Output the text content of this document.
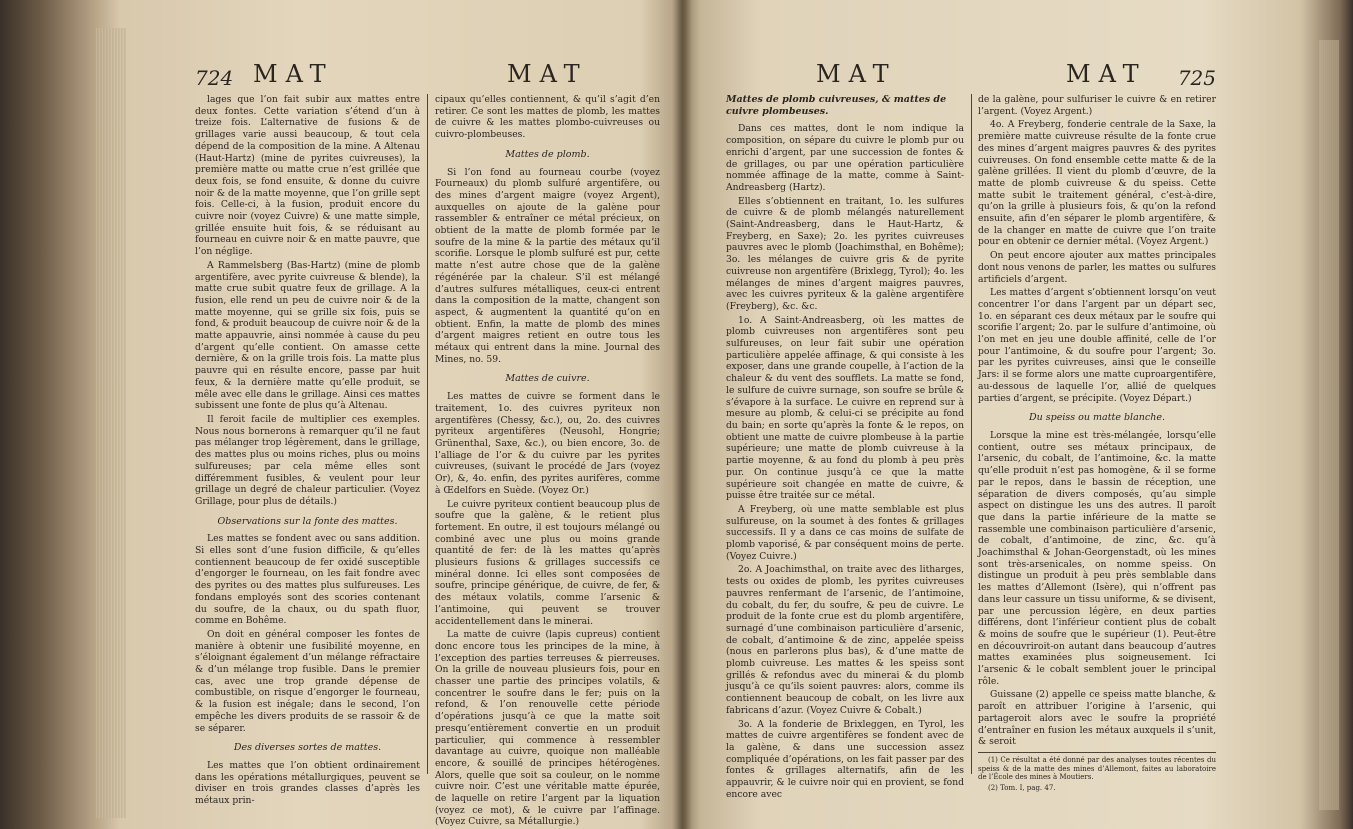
724 MAT	MAT

lages que l’on fait subir aux mattes entre deux fontes. Cette variation s’étend d’un à treize fois. L’alternative de fusions & de grillages varie aussi beaucoup, & tout cela dépend de la composition de la mine. A Altenau (Haut-Hartz) (mine de pyrites cuivreuses), la première matte ou matte crue n’est grillée que deux fois, se fond ensuite, & donne du cuivre noir & de la matte moyenne, que l’on grille sept fois. Celle-ci, à la fusion, produit encore du cuivre noir (voyez Cuivre) & une matte simple, grillée ensuite huit fois, & se réduisant au fourneau en cuivre noir & en matte pauvre, que l’on néglige.

A Rammelsberg (Bas-Hartz) (mine de plomb argentifère, avec pyrite cuivreuse & blende), la matte crue subit quatre feux de grillage. A la fusion, elle rend un peu de cuivre noir & de la matte moyenne, qui se grille six fois, puis se fond, & produit beaucoup de cuivre noir & de la matte appauvrie, ainsi nommée à cause du peu d’argent qu’elle contient. On amasse cette dernière, & on la grille trois fois. La matte plus pauvre qui en résulte encore, passe par huit feux, & la dernière matte qu’elle produit, se mêle avec elle dans le grillage. Ainsi ces mattes subissent une fonte de plus qu’à Altenau.

Il feroit facile de multiplier ces exemples. Nous nous bornerons à remarquer qu’il ne faut pas mélanger trop légèrement, dans le grillage, des mattes plus ou moins riches, plus ou moins sulfureuses; par cela même elles sont différemment fusibles, & veulent pour leur grillage un degré de chaleur particulier. (Voyez Grillage, pour plus de détails.)

Observations sur la fonte des mattes.

Les mattes se fondent avec ou sans addition. Si elles sont d’une fusion difficile, & qu’elles contiennent beaucoup de fer oxidé susceptible d’engorger le fourneau, on les fait fondre avec des pyrites ou des mattes plus sulfureuses. Les fondans employés sont des scories contenant du soufre, de la chaux, ou du spath fluor, comme en Bohême.

On doit en général composer les fontes de manière à obtenir une fusibilité moyenne, en s’éloignant également d’un mélange réfractaire & d’un mélange trop fusible. Dans le premier cas, avec une trop grande dépense de combustible, on risque d’engorger le fourneau, & la fusion est inégale; dans le second, l’on empêche les divers produits de se rassoir & de se séparer.

Des diverses sortes de mattes.

Les mattes que l’on obtient ordinairement dans les opérations métallurgiques, peuvent se diviser en trois grandes classes d’après les métaux prin-

cipaux qu’elles contiennent, & qu’il s’agit d’en retirer. Ce sont les mattes de plomb, les mattes de cuivre & les mattes plombo-cuivreuses ou cuivro-plombeuses.

Mattes de plomb.

Si l’on fond au fourneau courbe (voyez Fourneaux) du plomb sulfuré argentifère, ou des mines d’argent maigre (voyez Argent), auxquelles on ajoute de la galène pour rassembler & entraîner ce métal précieux, on obtient de la matte de plomb formée par le soufre de la mine & la partie des métaux qu’il scorifie. Lorsque le plomb sulfuré est pur, cette matte n’est autre chose que de la galène régénérée par la chaleur. S’il est mélangé d’autres sulfures métalliques, ceux-ci entrent dans la composition de la matte, changent son aspect, & augmentent la quantité qu’on en obtient. Enfin, la matte de plomb des mines d’argent maigres retient en outre tous les métaux qui entrent dans la mine. Journal des Mines, no. 59.

Mattes de cuivre.

Les mattes de cuivre se forment dans le traitement, 1o. des cuivres pyriteux non argentifères (Chessy, &c.), ou, 2o. des cuivres pyriteux argentifères (Neusohl, Hongrie; Grünenthal, Saxe, &c.), ou bien encore, 3o. de l’alliage de l’or & du cuivre par les pyrites cuivreuses, (suivant le procédé de Jars (voyez Or), &, 4o. enfin, des pyrites aurifères, comme à Œdelfors en Suède. (Voyez Or.)

Le cuivre pyriteux contient beaucoup plus de soufre que la galène, & le retient plus fortement. En outre, il est toujours mélangé ou combiné avec une plus ou moins grande quantité de fer: de là les mattes qu’après plusieurs fusions & grillages successifs ce minéral donne. Ici elles sont composées de soufre, principe générique, de cuivre, de fer, & des métaux volatils, comme l’arsenic & l’antimoine, qui peuvent se trouver accidentellement dans le minerai.

La matte de cuivre (lapis cupreus) contient donc encore tous les principes de la mine, à l’exception des parties terreuses & pierreuses. On la grille de nouveau plusieurs fois, pour en chasser une partie des principes volatils, & concentrer le soufre dans le fer; puis on la refond, & l’on renouvelle cette période d’opérations jusqu’à ce que la matte soit presqu’entièrement convertie en un produit particulier, qui commence à ressembler davantage au cuivre, quoique non malléable encore, & souillé de principes hétérogènes. Alors, quelle que soit sa couleur, on le nomme cuivre noir. C’est une véritable matte épurée, de laquelle on retire l’argent par la liquation (voyez ce mot), & le cuivre par l’affinage. (Voyez Cuivre, sa Métallurgie.)

MAT	MAT 725
Mattes de plomb cuivreuses, & mattes de cuivre plombeuses.

Dans ces mattes, dont le nom indique la composition, on sépare du cuivre le plomb pur ou enrichi d’argent, par une succession de fontes & de grillages, ou par une opération particulière nommée affinage de la matte, comme à Saint-Andreasberg (Hartz).

Elles s’obtiennent en traitant, 1o. les sulfures de cuivre & de plomb mélangés naturellement (Saint-Andreasberg, dans le Haut-Hartz, & Freyberg, en Saxe); 2o. les pyrites cuivreuses pauvres avec le plomb (Joachimsthal, en Bohême); 3o. les mélanges de cuivre gris & de pyrite cuivreuse non argentifère (Brixlegg, Tyrol); 4o. les mélanges de mines d’argent maigres pauvres, avec les cuivres pyriteux & la galène argentifère (Freyberg), &c. &c.

1o. A Saint-Andreasberg, où les mattes de plomb cuivreuses non argentifères sont peu sulfureuses, on leur fait subir une opération particulière appelée affinage, & qui consiste à les exposer, dans une grande coupelle, à l’action de la chaleur & du vent des soufflets. La matte se fond, le sulfure de cuivre surnage, son soufre se brûle & s’évapore à la surface. Le cuivre en reprend sur à mesure au plomb, & celui-ci se précipite au fond du bain; en sorte qu’après la fonte & le repos, on obtient une matte de cuivre plombeuse à la partie supérieure; une matte de plomb cuivreuse à la partie moyenne, & au fond du plomb à peu près pur. On continue jusqu’à ce que la matte supérieure soit changée en matte de cuivre, & puisse être traitée sur ce métal.

A Freyberg, où une matte semblable est plus sulfureuse, on la soumet à des fontes & grillages successifs. Il y a dans ce cas moins de sulfate de plomb vaporisé, & par conséquent moins de perte. (Voyez Cuivre.)

2o. A Joachimsthal, on traite avec des litharges, tests ou oxides de plomb, les pyrites cuivreuses pauvres renfermant de l’arsenic, de l’antimoine, du cobalt, du fer, du soufre, & peu de cuivre. Le produit de la fonte crue est du plomb argentifère, surnagé d’une combinaison particulière d’arsenic, de cobalt, d’antimoine & de zinc, appelée speiss (nous en parlerons plus bas), & d’une matte de plomb cuivreuse. Les mattes & les speiss sont grillés & refondus avec du minerai & du plomb jusqu’à ce qu’ils soient pauvres: alors, comme ils contiennent beaucoup de cobalt, on les livre aux fabricans d’azur. (Voyez Cuivre & Cobalt.)

3o. A la fonderie de Brixleggen, en Tyrol, les mattes de cuivre argentifères se fondent avec de la galène, & dans une succession assez compliquée d’opérations, on les fait passer par des fontes & grillages alternatifs, afin de les appauvrir, & le cuivre noir qui en provient, se fond encore avec

de la galène, pour sulfuriser le cuivre & en retirer l’argent. (Voyez Argent.)

4o. A Freyberg, fonderie centrale de la Saxe, la première matte cuivreuse résulte de la fonte crue des mines d’argent maigres pauvres & des pyrites cuivreuses. On fond ensemble cette matte & de la galène grillées. Il vient du plomb d’œuvre, de la matte de plomb cuivreuse & du speiss. Cette matte subit le traitement général, c’est-à-dire, qu’on la grille à plusieurs fois, & qu’on la refond ensuite, afin d’en séparer le plomb argentifère, & de la changer en matte de cuivre que l’on traite pour en obtenir ce dernier métal. (Voyez Argent.)

On peut encore ajouter aux mattes principales dont nous venons de parler, les mattes ou sulfures artificiels d’argent.

Les mattes d’argent s’obtiennent lorsqu’on veut concentrer l’or dans l’argent par un départ sec, 1o. en séparant ces deux métaux par le soufre qui scorifie l’argent; 2o. par le sulfure d’antimoine, où l’on met en jeu une double affinité, celle de l’or pour l’antimoine, & du soufre pour l’argent; 3o. par les pyrites cuivreuses, ainsi que le conseille Jars: il se forme alors une matte cuproargentifère, au-dessous de laquelle l’or, allié de quelques parties d’argent, se précipite. (Voyez Départ.)

Du speiss ou matte blanche.

Lorsque la mine est très-mélangée, lorsqu’elle contient, outre ses métaux principaux, de l’arsenic, du cobalt, de l’antimoine, &c. la matte qu’elle produit n’est pas homogène, & il se forme par le repos, dans le bassin de réception, une séparation de divers composés, qu’au simple aspect on distingue les uns des autres. Il paroît que dans la partie inférieure de la matte se rassemble une combinaison particulière d’arsenic, de cobalt, d’antimoine, de zinc, &c. qu’à Joachimsthal & Johan-Georgenstadt, où les mines sont très-arsenicales, on nomme speiss. On distingue un produit à peu près semblable dans les mattes d’Allemont (Isère), qui n’offrent pas dans leur cassure un tissu uniforme, & se divisent, par une percussion légère, en deux parties différens, dont l’inférieur contient plus de cobalt & moins de soufre que le supérieur (1). Peut-être en découvriroit-on autant dans beaucoup d’autres mattes examinées plus soigneusement. Ici l’arsenic & le cobalt semblent jouer le principal rôle.

Guissane (2) appelle ce speiss matte blanche, & paroît en attribuer l’origine à l’arsenic, qui partageroit alors avec le soufre la propriété d’entraîner en fusion les métaux auxquels il s’unit, & seroit

(1) Ce résultat a été donné par des analyses toutes récentes du speiss & de la matte des mines d’Allemont, faites au laboratoire de l’École des mines à Moutiers.

(2) Tom. I, pag. 47.
